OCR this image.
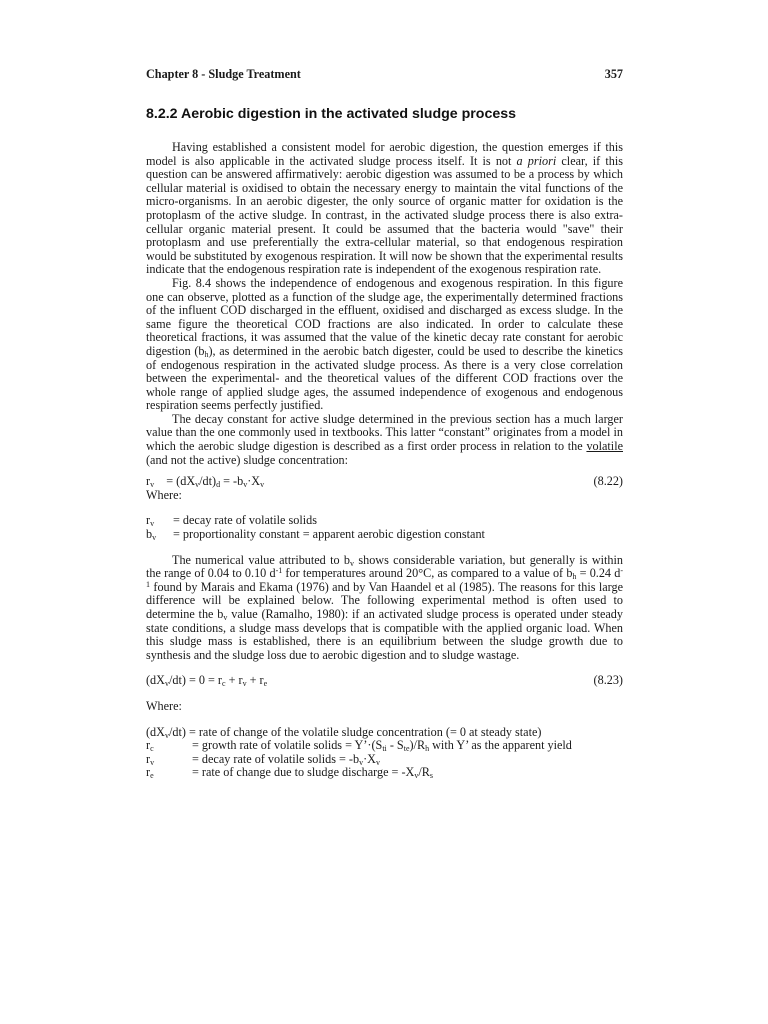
Chapter 8 - Sludge Treatment	357
8.2.2 Aerobic digestion in the activated sludge process

Having established a consistent model for aerobic digestion, the question emerges if this model is also applicable in the activated sludge process itself. It is not a priori clear, if this question can be answered affirmatively: aerobic digestion was assumed to be a process by which cellular material is oxidised to obtain the necessary energy to maintain the vital functions of the micro-organisms. In an aerobic digester, the only source of organic matter for oxidation is the protoplasm of the active sludge. In contrast, in the activated sludge process there is also extra-cellular organic material present. It could be assumed that the bacteria would "save" their protoplasm and use preferentially the extra-cellular material, so that endogenous respiration would be substituted by exogenous respiration. It will now be shown that the experimental results indicate that the endogenous respiration rate is independent of the exogenous respiration rate.

Fig. 8.4 shows the independence of endogenous and exogenous respiration. In this figure one can observe, plotted as a function of the sludge age, the experimentally determined fractions of the influent COD discharged in the effluent, oxidised and discharged as excess sludge. In the same figure the theoretical COD fractions are also indicated. In order to calculate these theoretical fractions, it was assumed that the value of the kinetic decay rate constant for aerobic digestion $(b_h)$, as determined in the aerobic batch digester, could be used to describe the kinetics of endogenous respiration in the activated sludge process. As there is a very close correlation between the experimental- and the theoretical values of the different COD fractions over the whole range of applied sludge ages, the assumed independence of exogenous and endogenous respiration seems perfectly justified.

The decay constant for active sludge determined in the previous section has a much larger value than the one commonly used in textbooks. This latter “constant” originates from a model in which the aerobic sludge digestion is described as a first order process in relation to the volatile (and not the active) sludge concentration:

$r_v$    = $(dX_v/dt)_d = -b_v\cdot X_v$	(8.22)
Where:
$r_v$ = decay rate of volatile solids
$b_v$ = proportionality constant = apparent aerobic digestion constant

The numerical value attributed to $b_v$ shows considerable variation, but generally is within the range of 0.04 to 0.10 $d^{-1}$ for temperatures around 20°C, as compared to a value of $b_h = 0.24$ $d^{-1}$ found by Marais and Ekama (1976) and by Van Haandel et al (1985). The reasons for this large difference will be explained below. The following experimental method is often used to determine the $b_v$ value (Ramalho, 1980): if an activated sludge process is operated under steady state conditions, a sludge mass develops that is compatible with the applied organic load. When this sludge mass is established, there is an equilibrium between the sludge growth due to synthesis and the sludge loss due to aerobic digestion and to sludge wastage.

$(dX_v/dt) = 0 = r_c + r_v + r_e$	(8.23)
Where:
$(dX_v/dt)$ = rate of change of the volatile sludge concentration (= 0 at steady state)
$r_c$	= growth rate of volatile solids = $Y’\cdot(S_{ti} - S_{te})/R_h$ with Y’ as the apparent yield
$r_v$	= decay rate of volatile solids = $-b_v\cdot X_v$
$r_e$	= rate of change due to sludge discharge = $-X_v/R_s$
